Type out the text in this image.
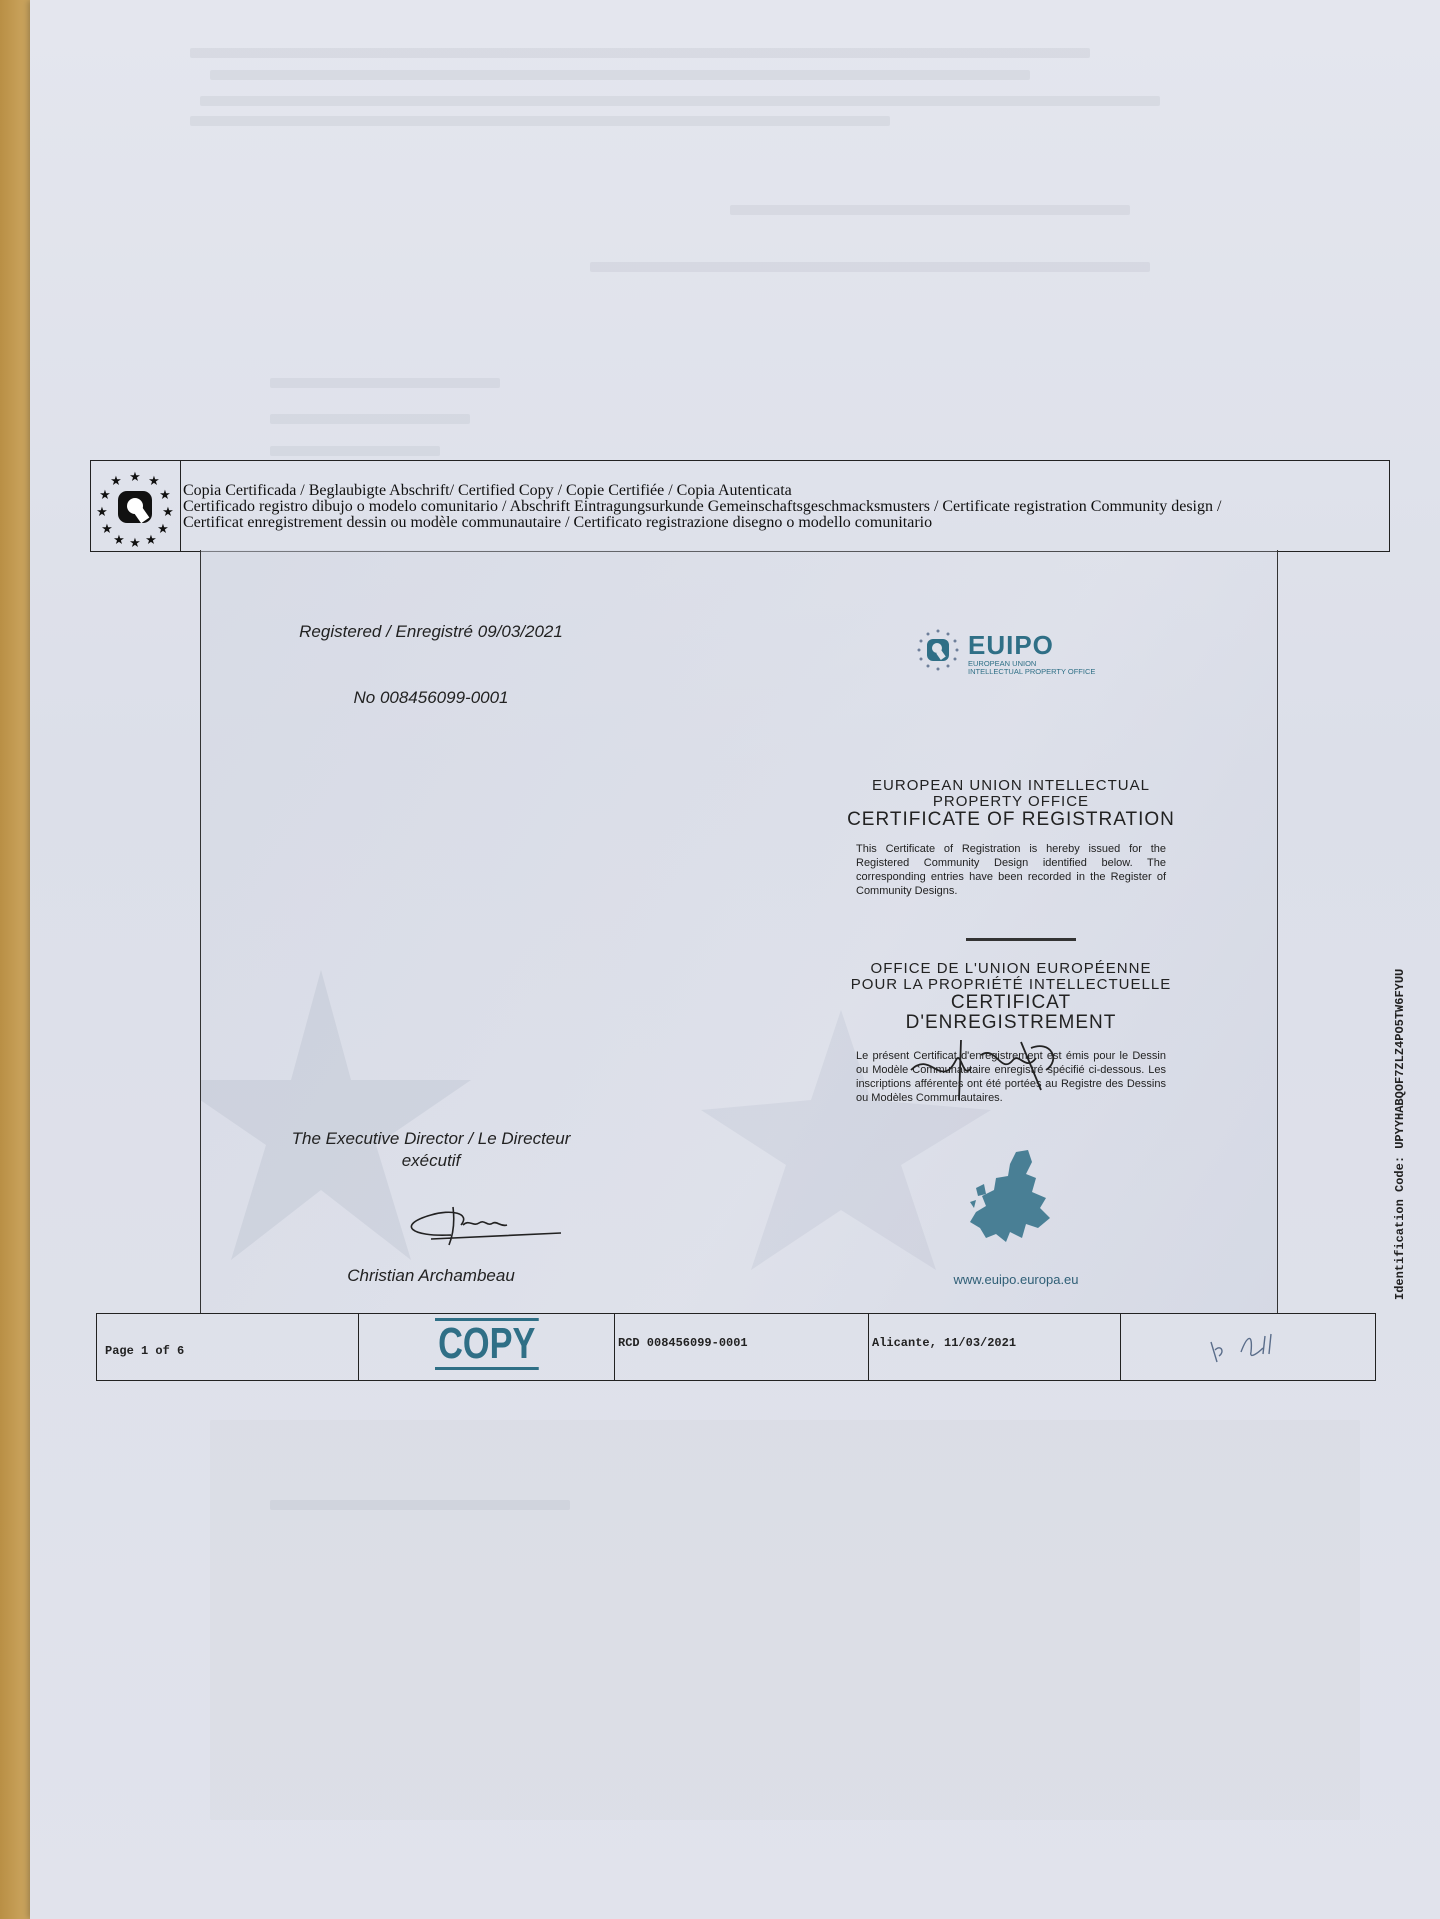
★
★ ★
★	★
★	★
★	★
★ ★
★
Copia Certificada / Beglaubigte Abschrift/ Certified Copy / Copie Certifiée / Copia Autenticata
Certificado registro dibujo o modelo comunitario / Abschrift Eintragungsurkunde Gemeinschaftsgeschmacksmusters / Certificate registration Community design /
Certificat enregistrement dessin ou modèle communautaire / Certificato registrazione disegno o modello comunitario
Registered / Enregistré 09/03/2021
No 008456099-0001
The Executive Director / Le Directeur
exécutif
Christian Archambeau
EUIPO
EUROPEAN UNION
INTELLECTUAL PROPERTY OFFICE
EUROPEAN UNION INTELLECTUAL
PROPERTY OFFICE
CERTIFICATE OF REGISTRATION
This Certificate of Registration is hereby issued for the Registered Community Design identified below. The corresponding entries have been recorded in the Register of Community Designs.
OFFICE DE L'UNION EUROPÉENNE
POUR LA PROPRIÉTÉ INTELLECTUELLE
CERTIFICAT
D'ENREGISTREMENT
Le présent Certificat d'enregistrement est émis pour le Dessin ou Modèle Communautaire enregistré spécifié ci-dessous. Les inscriptions afférentes ont été portées au Registre des Dessins ou Modèles Communautaires.
www.euipo.europa.eu
Page 1 of 6	COPY	RCD 008456099-0001	Alicante, 11/03/2021
Identification Code: UPYYHABQOF7ZLZ4PO5TW6FYUU
